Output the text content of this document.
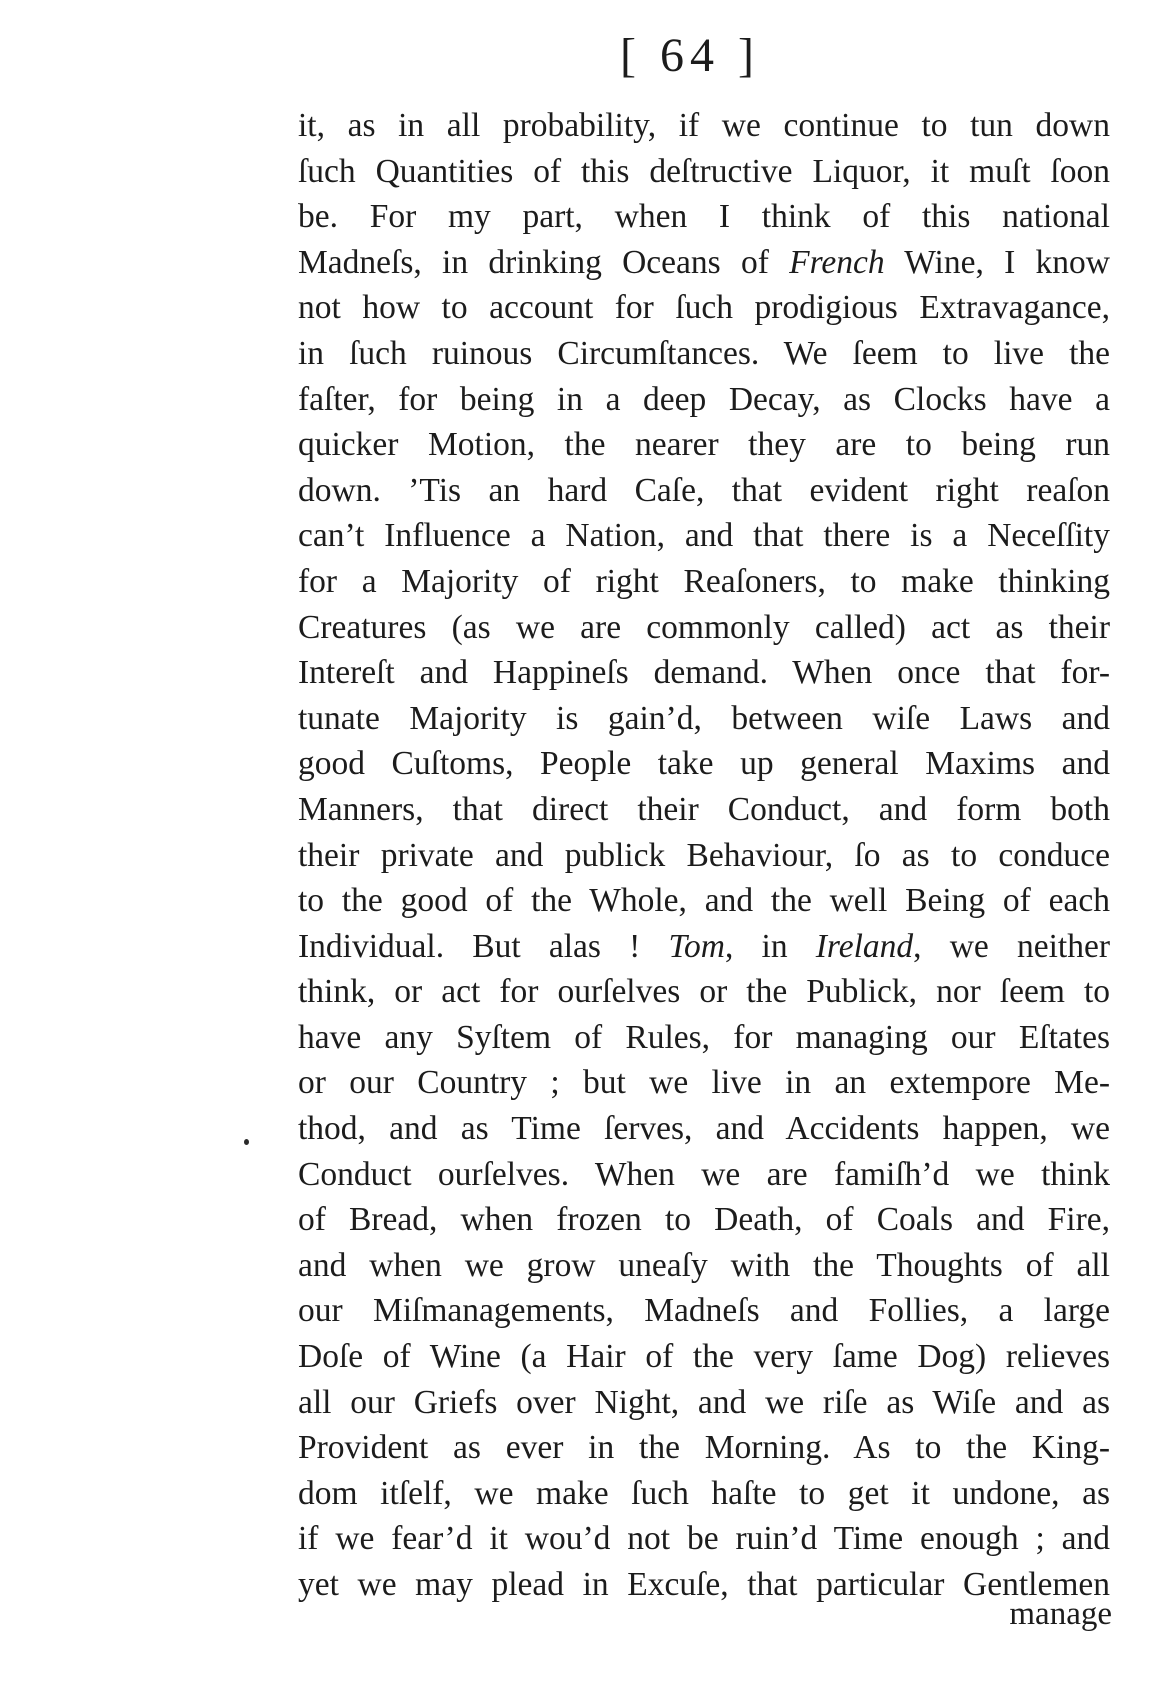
[ 64 ]
it, as in all probability, if we continue to tun down
ſuch Quantities of this deſtructive Liquor, it muſt ſoon
be. For my part, when I think of this national
Madneſs, in drinking Oceans of French Wine, I know
not how to account for ſuch prodigious Extravagance,
in ſuch ruinous Circumſtances. We ſeem to live the
faſter, for being in a deep Decay, as Clocks have a
quicker Motion, the nearer they are to being run
down. ’Tis an hard Caſe, that evident right reaſon
can’t Influence a Nation, and that there is a Neceſſity
for a Majority of right Reaſoners, to make thinking
Creatures (as we are commonly called) act as their
Intereſt and Happineſs demand. When once that for-
tunate Majority is gain’d, between wiſe Laws and
good Cuſtoms, People take up general Maxims and
Manners, that direct their Conduct, and form both
their private and publick Behaviour, ſo as to conduce
to the good of the Whole, and the well Being of each
Individual. But alas ! Tom, in Ireland, we neither
think, or act for ourſelves or the Publick, nor ſeem to
have any Syſtem of Rules, for managing our Eſtates
or our Country ; but we live in an extempore Me-
thod, and as Time ſerves, and Accidents happen, we
Conduct ourſelves. When we are famiſh’d we think
of Bread, when frozen to Death, of Coals and Fire,
and when we grow uneaſy with the Thoughts of all
our Miſmanagements, Madneſs and Follies, a large
Doſe of Wine (a Hair of the very ſame Dog) relieves
all our Griefs over Night, and we riſe as Wiſe and as
Provident as ever in the Morning. As to the King-
dom itſelf, we make ſuch haſte to get it undone, as
if we fear’d it wou’d not be ruin’d Time enough ; and
yet we may plead in Excuſe, that particular Gentlemen
manage
